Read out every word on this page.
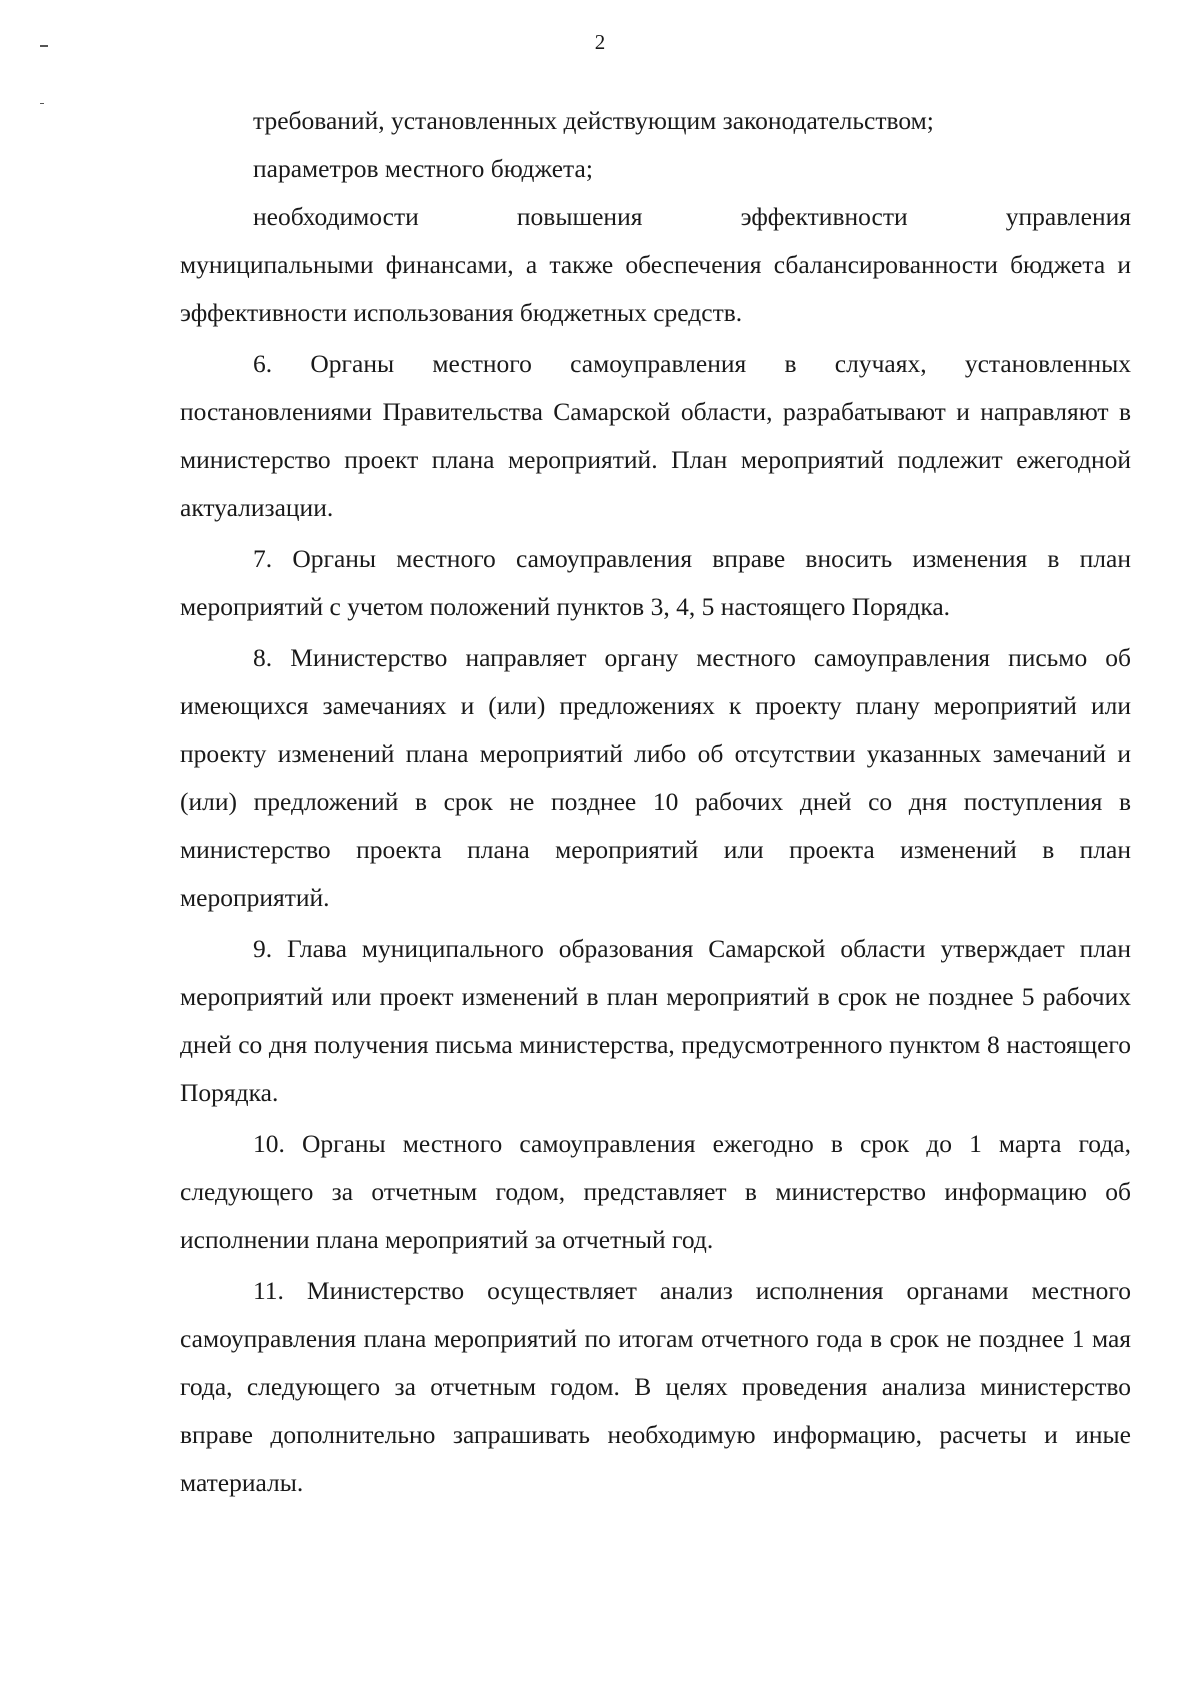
2

требований, установленных действующим законодательством;

параметров местного бюджета;

необходимости повышения эффективности управления

муниципальными финансами, а также обеспечения сбалансированности бюджета и эффективности использования бюджетных средств.

6. Органы местного самоуправления в случаях, установленных постановлениями Правительства Самарской области, разрабатывают и направляют в министерство проект плана мероприятий. План мероприятий подлежит ежегодной актуализации.

7. Органы местного самоуправления вправе вносить изменения в план мероприятий с учетом положений пунктов 3, 4, 5 настоящего Порядка.

8. Министерство направляет органу местного самоуправления письмо об имеющихся замечаниях и (или) предложениях к проекту плану мероприятий или проекту изменений плана мероприятий либо об отсутствии указанных замечаний и (или) предложений в срок не позднее 10 рабочих дней со дня поступления в министерство проекта плана мероприятий или проекта изменений в план мероприятий.

9. Глава муниципального образования Самарской области утверждает план мероприятий или проект изменений в план мероприятий в срок не позднее 5 рабочих дней со дня получения письма министерства, предусмотренного пунктом 8 настоящего Порядка.

10. Органы местного самоуправления ежегодно в срок до 1 марта года, следующего за отчетным годом, представляет в министерство информацию об исполнении плана мероприятий за отчетный год.

11. Министерство осуществляет анализ исполнения органами местного самоуправления плана мероприятий по итогам отчетного года в срок не позднее 1 мая года, следующего за отчетным годом. В целях проведения анализа министерство вправе дополнительно запрашивать необходимую информацию, расчеты и иные материалы.
